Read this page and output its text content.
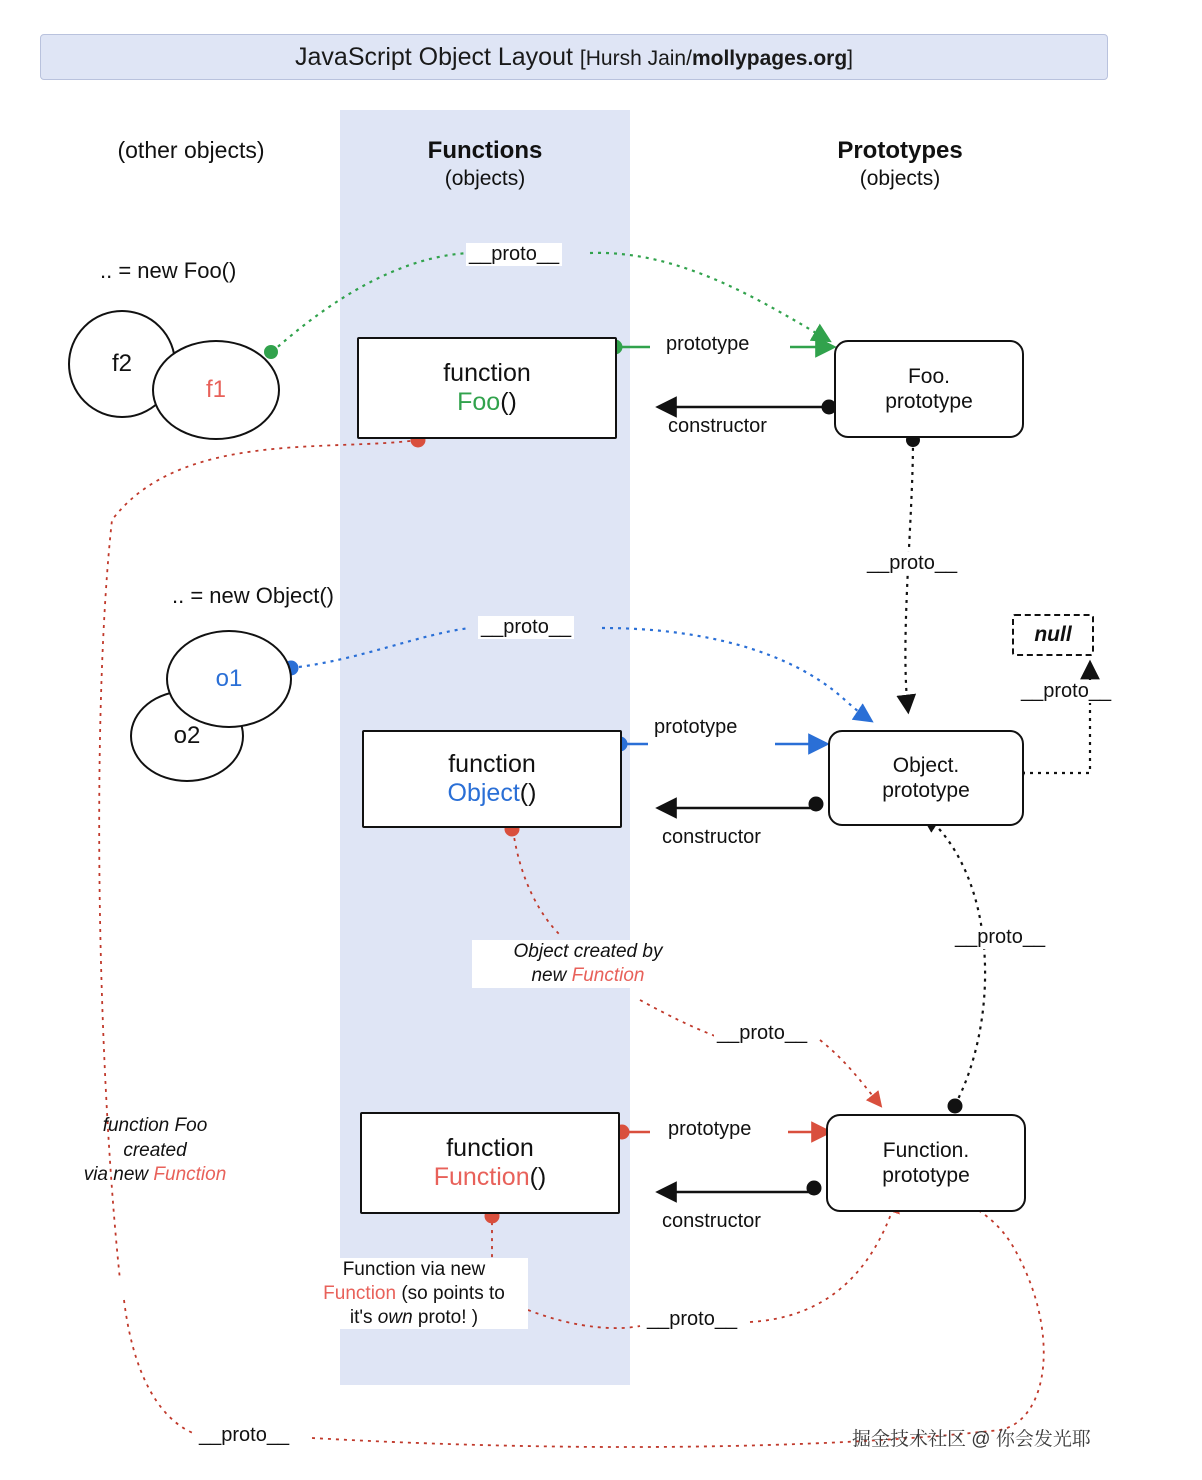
JavaScript Object Layout [Hursh Jain/mollypages.org]
(other objects)	Functions
(objects)
Prototypes
(objects)
.. = new Foo()
f2
f1
.. = new Object()
o2
o1
function
Foo()
function
Object()
function
Function()
Foo.
prototype
Object.
prototype
Function.
prototype
null
__proto__
prototype
constructor
__proto__
__proto__
prototype
constructor
__proto__
__proto__
__proto__
prototype
constructor
__proto__
__proto__
Object created by
new Function
Function via new
Function (so points to
it's own proto! )
function Foo
created
via new Function
掘金技术社区 @ 你会发光耶
